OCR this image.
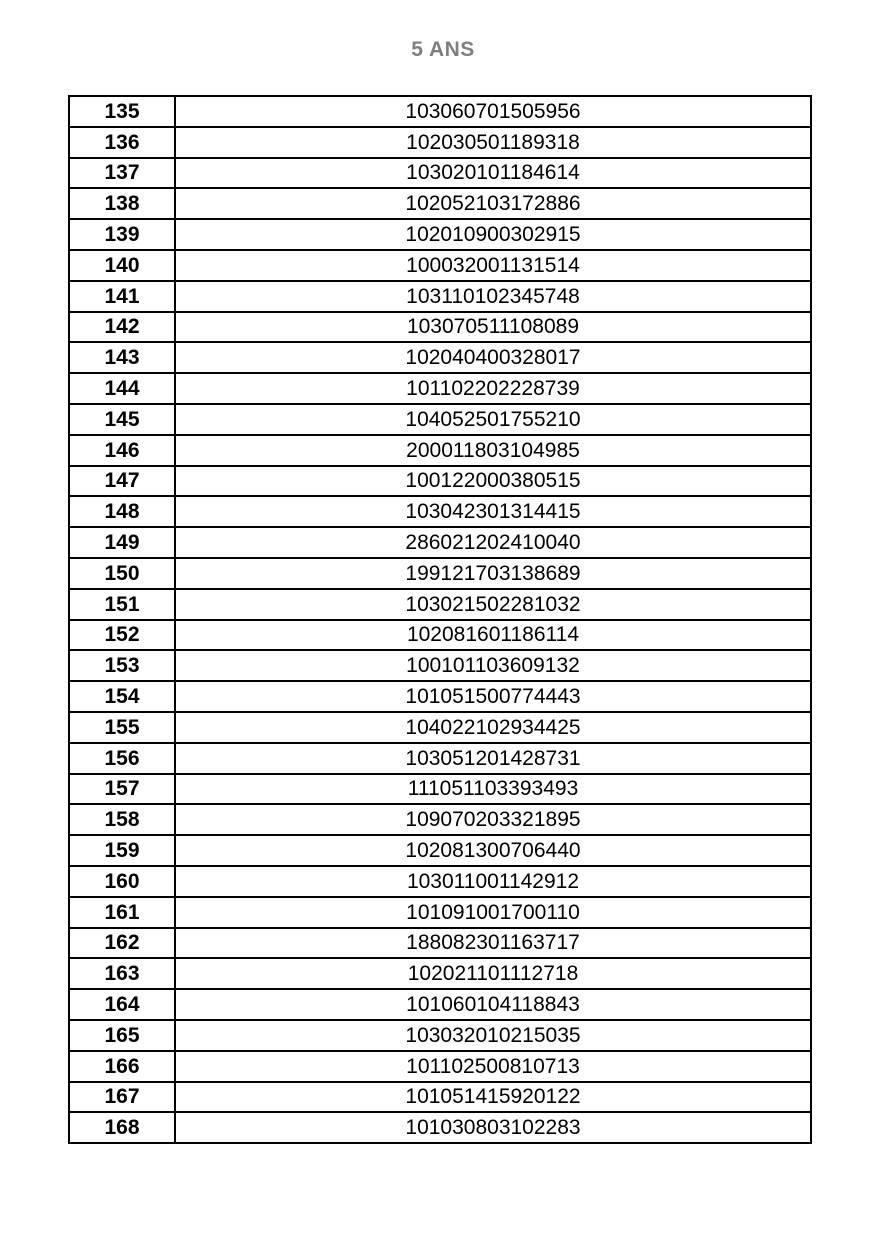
5 ANS
135	103060701505956
136	102030501189318
137	103020101184614
138	102052103172886
139	102010900302915
140	100032001131514
141	103110102345748
142	103070511108089
143	102040400328017
144	101102202228739
145	104052501755210
146	200011803104985
147	100122000380515
148	103042301314415
149	286021202410040
150	199121703138689
151	103021502281032
152	102081601186114
153	100101103609132
154	101051500774443
155	104022102934425
156	103051201428731
157	111051103393493
158	109070203321895
159	102081300706440
160	103011001142912
161	101091001700110
162	188082301163717
163	102021101112718
164	101060104118843
165	103032010215035
166	101102500810713
167	101051415920122
168	101030803102283
